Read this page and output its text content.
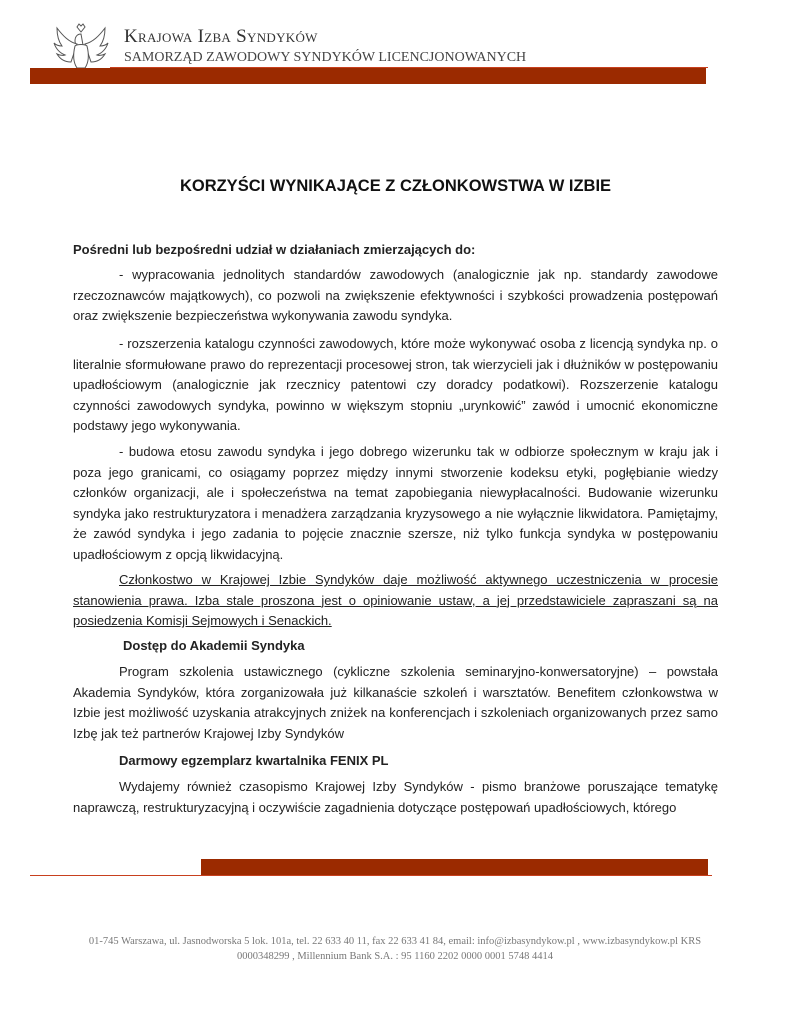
Krajowa Izba Syndyków
SAMORZĄD ZAWODOWY SYNDYKÓW LICENCJONOWANYCH
KORZYŚCI WYNIKAJĄCE Z CZŁONKOWSTWA W IZBIE

Pośredni lub bezpośredni udział w działaniach zmierzających do:

- wypracowania jednolitych standardów zawodowych (analogicznie jak np. standardy zawodowe rzeczoznawców majątkowych), co pozwoli na zwiększenie efektywności i szybkości prowadzenia postępowań oraz zwiększenie bezpieczeństwa wykonywania zawodu syndyka.

- rozszerzenia katalogu czynności zawodowych, które może wykonywać osoba z licencją syndyka np. o literalnie sformułowane prawo do reprezentacji procesowej stron, tak wierzycieli jak i dłużników w postępowaniu upadłościowym (analogicznie jak rzecznicy patentowi czy doradcy podatkowi). Rozszerzenie katalogu czynności zawodowych syndyka, powinno w większym stopniu „urynkowić” zawód i umocnić ekonomiczne podstawy jego wykonywania.

- budowa etosu zawodu syndyka i jego dobrego wizerunku tak w odbiorze społecznym w kraju jak i poza jego granicami, co osiągamy poprzez między innymi stworzenie kodeksu etyki, pogłębianie wiedzy członków organizacji, ale i społeczeństwa na temat zapobiegania niewypłacalności. Budowanie wizerunku syndyka jako restrukturyzatora i menadżera zarządzania kryzysowego a nie wyłącznie likwidatora. Pamiętajmy, że zawód syndyka i jego zadania to pojęcie znacznie szersze, niż tylko funkcja syndyka w postępowaniu upadłościowym z opcją likwidacyjną.

Członkostwo w Krajowej Izbie Syndyków daje możliwość aktywnego uczestniczenia w procesie stanowienia prawa. Izba stale proszona jest o opiniowanie ustaw, a jej przedstawiciele zapraszani są na posiedzenia Komisji Sejmowych i Senackich.

Dostęp do Akademii Syndyka

Program szkolenia ustawicznego (cykliczne szkolenia seminaryjno-konwersatoryjne) – powstała Akademia Syndyków, która zorganizowała już kilkanaście szkoleń i warsztatów. Benefitem członkowstwa w Izbie jest możliwość uzyskania atrakcyjnych zniżek na konferencjach i szkoleniach organizowanych przez samo Izbę jak też partnerów Krajowej Izby Syndyków

Darmowy egzemplarz kwartalnika FENIX PL

Wydajemy również czasopismo Krajowej Izby Syndyków - pismo branżowe poruszające tematykę naprawczą, restrukturyzacyjną i oczywiście zagadnienia dotyczące postępowań upadłościowych, którego

01-745 Warszawa, ul. Jasnodworska 5 lok. 101a, tel. 22 633 40 11, fax 22 633 41 84, email: info@izbasyndykow.pl , www.izbasyndykow.pl KRS
0000348299 , Millennium Bank S.A. : 95 1160 2202 0000 0001 5748 4414
